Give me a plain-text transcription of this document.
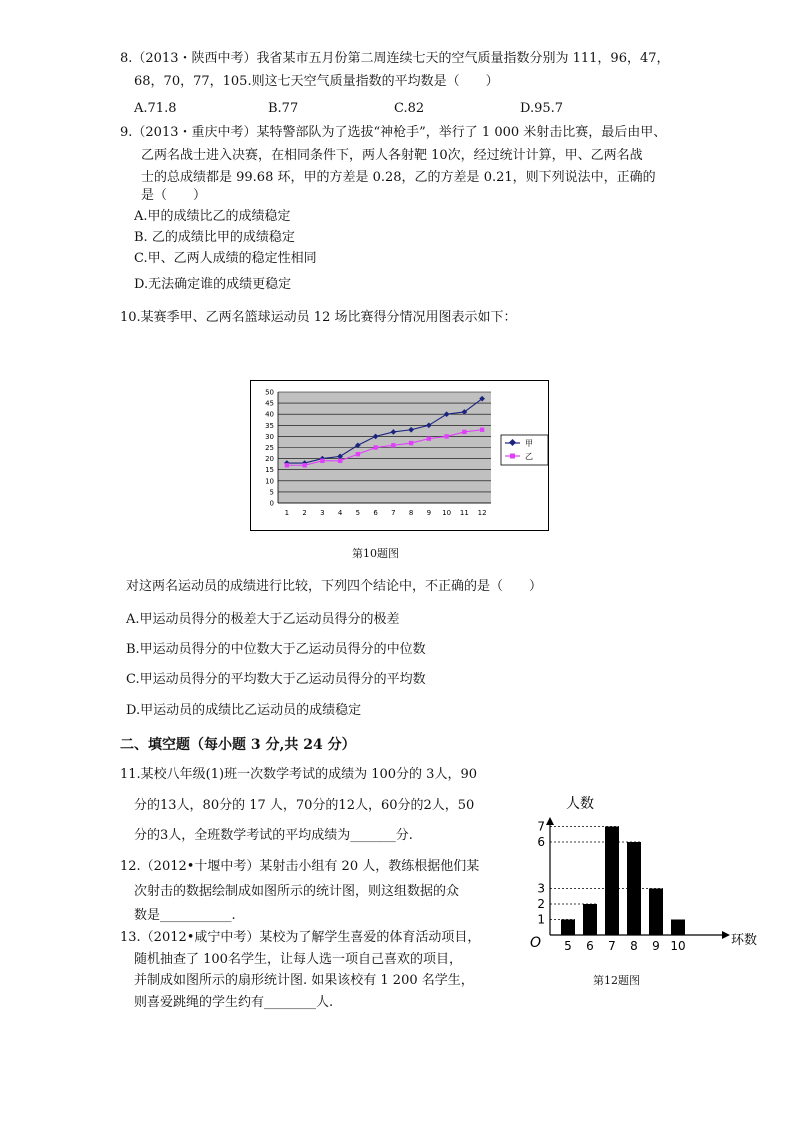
8.（2013・陕西中考）我省某市五月份第二周连续七天的空气质量指数分别为 111，96，47，
68，70，77，105.则这七天空气质量指数的平均数是（　　）
A.71.8	B.77	C.82	D.95.7
9.（2013・重庆中考）某特警部队为了选拔“神枪手”，举行了 1 000 米射击比赛，最后由甲、
乙两名战士进入决赛，在相同条件下，两人各射靶 10次，经过统计计算，甲、乙两名战
士的总成绩都是 99.68 环，甲的方差是 0.28，乙的方差是 0.21，则下列说法中，正确的
是（　　）
A.甲的成绩比乙的成绩稳定
B. 乙的成绩比甲的成绩稳定
C.甲、乙两人成绩的稳定性相同
D.无法确定谁的成绩更稳定
10.某赛季甲、乙两名篮球运动员 12 场比赛得分情况用图表示如下：
0
5
10
15
20
25
30
35
40
45
50
1 2 3 4 5 6 7 8 9 10 11 12
甲
乙
第10题图
对这两名运动员的成绩进行比较，下列四个结论中，不正确的是（　　）
A.甲运动员得分的极差大于乙运动员得分的极差
B.甲运动员得分的中位数大于乙运动员得分的中位数
C.甲运动员得分的平均数大于乙运动员得分的平均数
D.甲运动员的成绩比乙运动员的成绩稳定
二、填空题（每小题 3 分,共 24 分）
11.某校八年级(1)班一次数学考试的成绩为 100分的 3人，90
分的13人，80分的 17 人，70分的12人，60分的2人，50
分的3人，全班数学考试的平均成绩为_______分.
12.（2012•十堰中考）某射击小组有 20 人，教练根据他们某
次射击的数据绘制成如图所示的统计图，则这组数据的众
数是___________.
13.（2012•咸宁中考）某校为了解学生喜爱的体育活动项目，
随机抽查了 100名学生，让每人选一项自己喜欢的项目，
并制成如图所示的扇形统计图. 如果该校有 1 200 名学生，
则喜爱跳绳的学生约有________人.
人数
环数
O
1
2
3
6
7
5 6 7 8 9 10
第12题图
